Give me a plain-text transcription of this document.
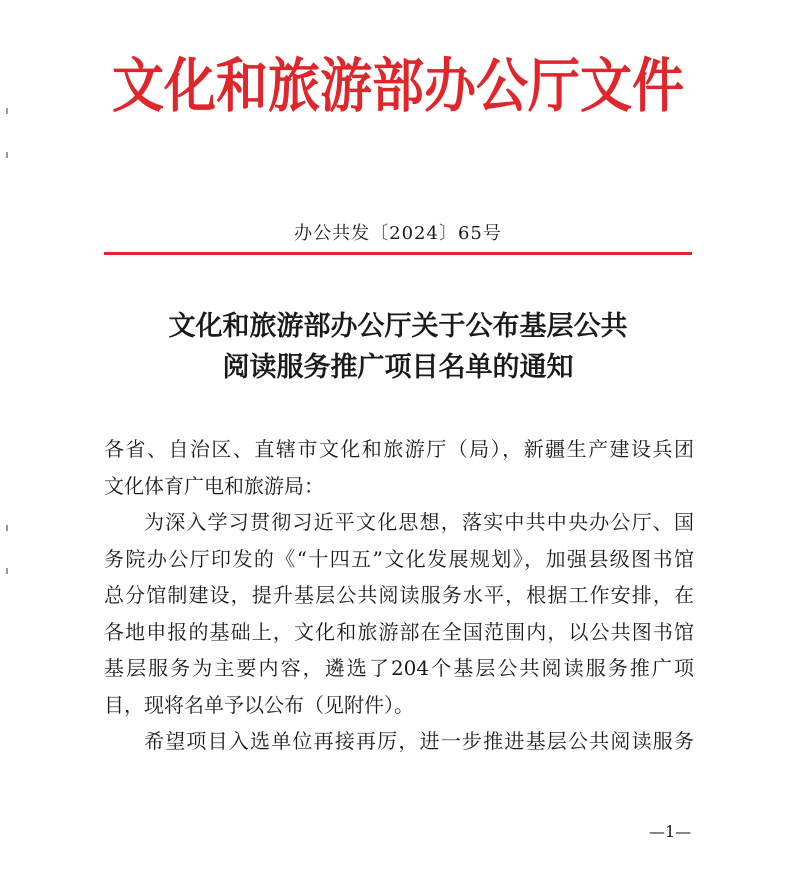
文化和旅游部办公厅文件
办公共发〔2024〕65号
文化和旅游部办公厅关于公布基层公共
阅读服务推广项目名单的通知
各省、自治区、直辖市文化和旅游厅（局），新疆生产建设兵团
文化体育广电和旅游局：
为深入学习贯彻习近平文化思想，落实中共中央办公厅、国
务院办公厅印发的《“十四五”文化发展规划》，加强县级图书馆
总分馆制建设，提升基层公共阅读服务水平，根据工作安排，在
各地申报的基础上，文化和旅游部在全国范围内，以公共图书馆
基层服务为主要内容，遴选了204个基层公共阅读服务推广项
目，现将名单予以公布（见附件）。
希望项目入选单位再接再厉，进一步推进基层公共阅读服务
—1—
